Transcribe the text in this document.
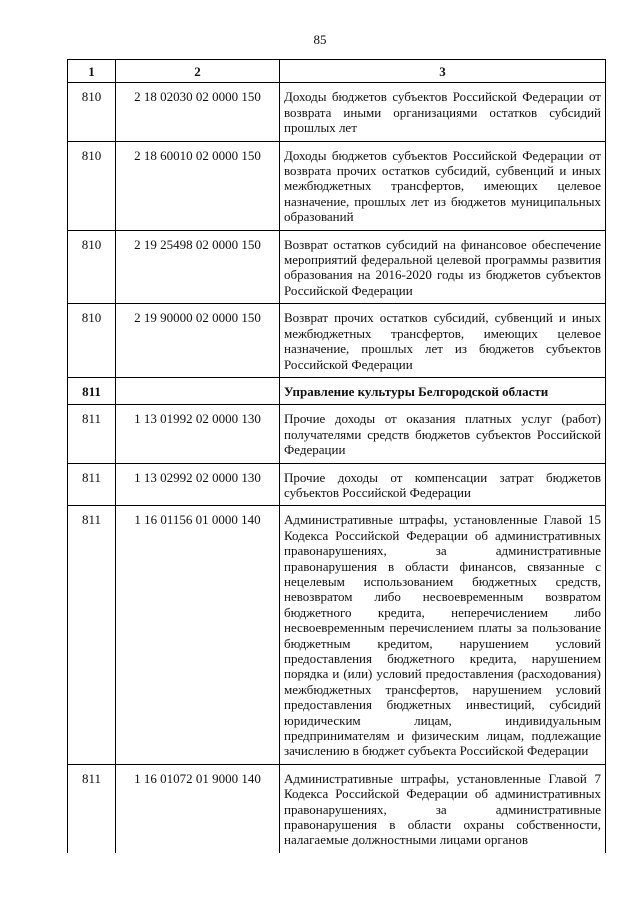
85
1	2	3
810	2 18 02030 02 0000 150	Доходы бюджетов субъектов Российской Федерации от возврата иными организациями остатков субсидий прошлых лет
810	2 18 60010 02 0000 150	Доходы бюджетов субъектов Российской Федерации от возврата прочих остатков субсидий, субвенций и иных межбюджетных трансфертов, имеющих целевое назначение, прошлых лет из бюджетов муниципальных образований
810	2 19 25498 02 0000 150	Возврат остатков субсидий на финансовое обеспечение мероприятий федеральной целевой программы развития образования на 2016-2020 годы из бюджетов субъектов Российской Федерации
810	2 19 90000 02 0000 150	Возврат прочих остатков субсидий, субвенций и иных межбюджетных трансфертов, имеющих целевое назначение, прошлых лет из бюджетов субъектов Российской Федерации
811		Управление культуры Белгородской области
811	1 13 01992 02 0000 130	Прочие доходы от оказания платных услуг (работ) получателями средств бюджетов субъектов Российской Федерации
811	1 13 02992 02 0000 130	Прочие доходы от компенсации затрат бюджетов субъектов Российской Федерации
811	1 16 01156 01 0000 140	Административные штрафы, установленные Главой 15 Кодекса Российской Федерации об административных правонарушениях, за административные правонарушения в области финансов, связанные с нецелевым использованием бюджетных средств, невозвратом либо несвоевременным возвратом бюджетного кредита, неперечислением либо несвоевременным перечислением платы за пользование бюджетным кредитом, нарушением условий предоставления бюджетного кредита, нарушением порядка и (или) условий предоставления (расходования) межбюджетных трансфертов, нарушением условий предоставления бюджетных инвестиций, субсидий юридическим лицам, индивидуальным предпринимателям и физическим лицам, подлежащие зачислению в бюджет субъекта Российской Федерации
811	1 16 01072 01 9000 140	Административные штрафы, установленные Главой 7 Кодекса Российской Федерации об административных правонарушениях, за административные правонарушения в области охраны собственности, налагаемые должностными лицами органов
